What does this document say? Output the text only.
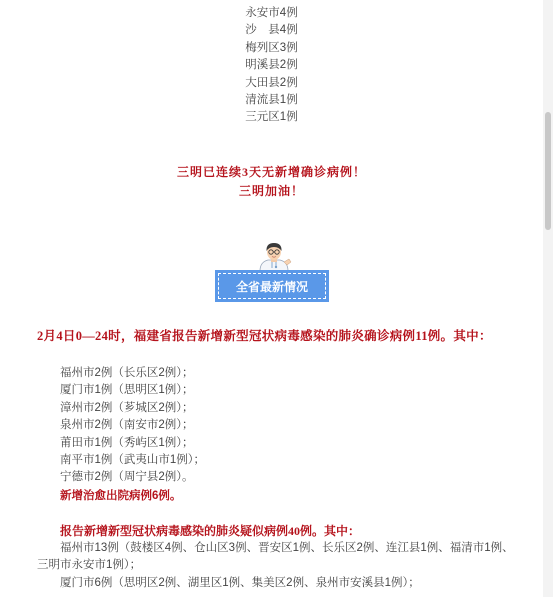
永安市4例
沙　县4例
梅列区3例
明溪县2例
大田县2例
清流县1例
三元区1例
三明已连续3天无新增确诊病例！
三明加油！
全省最新情况
2月4日0—24时，福建省报告新增新型冠状病毒感染的肺炎确诊病例11例。其中：
福州市2例（长乐区2例）；
厦门市1例（思明区1例）；
漳州市2例（芗城区2例）；
泉州市2例（南安市2例）；
莆田市1例（秀屿区1例）；
南平市1例（武夷山市1例）；
宁德市2例（周宁县2例）。
新增治愈出院病例6例。
报告新增新型冠状病毒感染的肺炎疑似病例40例。其中：
福州市13例（鼓楼区4例、仓山区3例、晋安区1例、长乐区2例、连江县1例、福清市1例、三明市永安市1例）；
厦门市6例（思明区2例、湖里区1例、集美区2例、泉州市安溪县1例）；
